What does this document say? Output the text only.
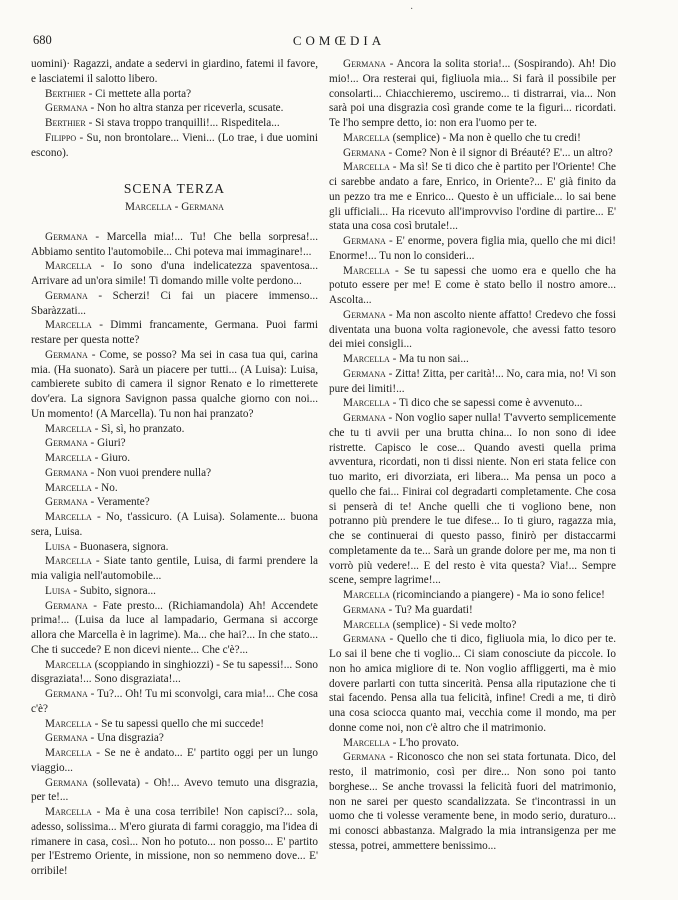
680	COMŒDIA

uomini)· Ragazzi, andate a sedervi in giardino, fatemi il favore, e lasciatemi il salotto libero.

Berthier - Ci mettete alla porta?

Germana - Non ho altra stanza per riceverla, scusate.

Berthier - Si stava troppo tranquilli!... Rispeditela...

Filippo - Su, non brontolare... Vieni... (Lo trae, i due uomini escono).

SCENA TERZA
Marcella - Germana

Germana - Marcella mia!... Tu! Che bella sorpresa!... Abbiamo sentito l'automobile... Chi poteva mai immaginare!...

Marcella - Io sono d'una indelicatezza spaventosa... Arrivare ad un'ora simile! Ti domando mille volte perdono...

Germana - Scherzi! Ci fai un piacere immenso... Sbaràzzati...

Marcella - Dimmi francamente, Germana. Puoi farmi restare per questa notte?

Germana - Come, se posso? Ma sei in casa tua qui, carina mia. (Ha suonato). Sarà un piacere per tutti... (A Luisa): Luisa, cambierete subito di camera il signor Renato e lo rimetterete dov'era. La signora Savignon passa qualche giorno con noi... Un momento! (A Marcella). Tu non hai pranzato?

Marcella - Sì, sì, ho pranzato.

Germana - Giuri?

Marcella - Giuro.

Germana - Non vuoi prendere nulla?

Marcella - No.

Germana - Veramente?

Marcella - No, t'assicuro. (A Luisa). Solamente... buona sera, Luisa.

Luisa - Buonasera, signora.

Marcella - Siate tanto gentile, Luisa, di farmi prendere la mia valigia nell'automobile...

Luisa - Subito, signora...

Germana - Fate presto... (Richiamandola) Ah! Accendete prima!... (Luisa da luce al lampadario, Germana si accorge allora che Marcella è in lagrime). Ma... che hai?... In che stato... Che ti succede? E non dicevi niente... Che c'è?...

Marcella (scoppiando in singhiozzi) - Se tu sapessi!... Sono disgraziata!... Sono disgraziata!...

Germana - Tu?... Oh! Tu mi sconvolgi, cara mia!... Che cosa c'è?

Marcella - Se tu sapessi quello che mi succede!

Germana - Una disgrazia?

Marcella - Se ne è andato... E' partito oggi per un lungo viaggio...

Germana (sollevata) - Oh!... Avevo temuto una disgrazia, per te!...

Marcella - Ma è una cosa terribile! Non capisci?... sola, adesso, solissima... M'ero giurata di farmi coraggio, ma l'idea di rimanere in casa, così... Non ho potuto... non posso... E' partito per l'Estremo Oriente, in missione, non so nemmeno dove... E' orribile!

Germana - Ancora la solita storia!... (Sospirando). Ah! Dio mio!... Ora resterai qui, figliuola mia... Si farà il possibile per consolarti... Chiacchieremo, usciremo... ti distrarrai, via... Non sarà poi una disgrazia così grande come te la figuri... ricordati. Te l'ho sempre detto, io: non era l'uomo per te.

Marcella (semplice) - Ma non è quello che tu credi!

Germana - Come? Non è il signor di Bréauté? E'... un altro?

Marcella - Ma sì! Se ti dico che è partito per l'Oriente! Che ci sarebbe andato a fare, Enrico, in Oriente?... E' già finito da un pezzo tra me e Enrico... Questo è un ufficiale... lo sai bene gli ufficiali... Ha ricevuto all'improvviso l'ordine di partire... E' stata una cosa così brutale!...

Germana - E' enorme, povera figlia mia, quello che mi dici! Enorme!... Tu non lo consideri...

Marcella - Se tu sapessi che uomo era e quello che ha potuto essere per me! E come è stato bello il nostro amore... Ascolta...

Germana - Ma non ascolto niente affatto! Credevo che fossi diventata una buona volta ragionevole, che avessi fatto tesoro dei miei consigli...

Marcella - Ma tu non sai...

Germana - Zitta! Zitta, per carità!... No, cara mia, no! Vi son pure dei limiti!...

Marcella - Ti dico che se sapessi come è avvenuto...

Germana - Non voglio saper nulla! T'avverto semplicemente che tu ti avvii per una brutta china... Io non sono di idee ristrette. Capisco le cose... Quando avesti quella prima avventura, ricordati, non ti dissi niente. Non eri stata felice con tuo marito, eri divorziata, eri libera... Ma pensa un poco a quello che fai... Finirai col degradarti completamente. Che cosa si penserà di te! Anche quelli che ti vogliono bene, non potranno più prendere le tue difese... Io ti giuro, ragazza mia, che se continuerai di questo passo, finirò per distaccarmi completamente da te... Sarà un grande dolore per me, ma non ti vorrò più vedere!... E del resto è vita questa? Via!... Sempre scene, sempre lagrime!...

Marcella (ricominciando a piangere) - Ma io sono felice!

Germana - Tu? Ma guardati!

Marcella (semplice) - Si vede molto?

Germana - Quello che ti dico, figliuola mia, lo dico per te. Lo sai il bene che ti voglio... Ci siam conosciute da piccole. Io non ho amica migliore di te. Non voglio affliggerti, ma è mio dovere parlarti con tutta sincerità. Pensa alla riputazione che ti stai facendo. Pensa alla tua felicità, infine! Credi a me, ti dirò una cosa sciocca quanto mai, vecchia come il mondo, ma per donne come noi, non c'è altro che il matrimonio.

Marcella - L'ho provato.

Germana - Riconosco che non sei stata fortunata. Dico, del resto, il matrimonio, così per dire... Non sono poi tanto borghese... Se anche trovassi la felicità fuori del matrimonio, non ne sarei per questo scandalizzata. Se t'incontrassi in un uomo che ti volesse veramente bene, in modo serio, duraturo... mi conosci abbastanza. Malgrado la mia intransigenza per me stessa, potrei, ammettere benissimo...

·
